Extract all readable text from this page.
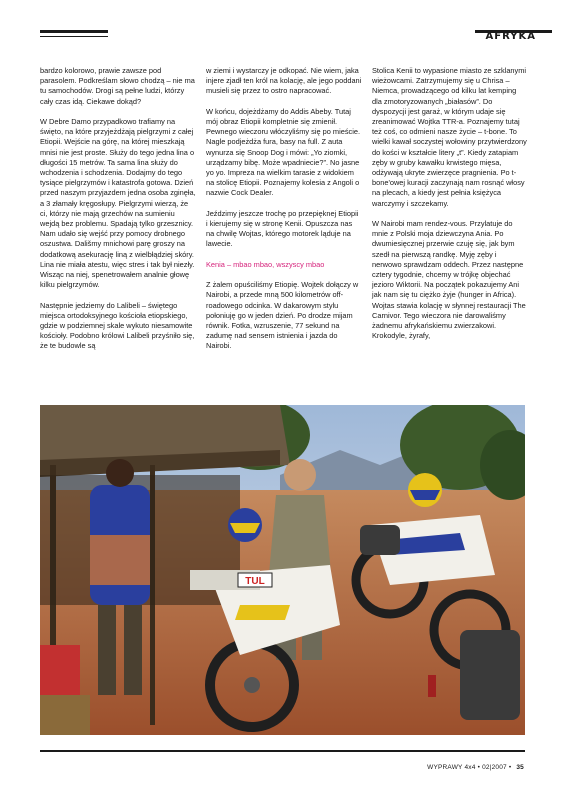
AFRYKA

bardzo kolorowo, prawie zawsze pod parasolem. Podkreślam słowo chodzą – nie ma tu samochodów. Drogi są pełne ludzi, którzy cały czas idą. Ciekawe dokąd?

W Debre Damo przypadkowo trafiamy na święto, na które przyjeżdżają pielgrzymi z całej Etiopii. Wejście na górę, na której mieszkają mnisi nie jest proste. Służy do tego jedna lina o długości 15 metrów. Ta sama lina służy do wchodzenia i schodzenia. Dodajmy do tego tysiące pielgrzymów i katastrofa gotowa. Dzień przed naszym przyjazdem jedna osoba zginęła, a 3 złamały kręgosłupy. Pielgrzymi wierzą, że ci, którzy nie mają grzechów na sumieniu wejdą bez problemu. Spadają tylko grzesznicy. Nam udało się wejść przy pomocy drobnego oszustwa. Dališmy mnichowi parę groszy na dodatkową asekurację liną z wielbłądziej skóry. Lina nie miała atestu, więc stres i tak był niezły. Wisząc na niej, spenetrowałem analnie głowę kilku pielgrzymów.

Następnie jedziemy do Lalibeli – świętego miejsca ortodoksyjnego kościoła etiopskiego, gdzie w podziemnej skale wykuto niesamowite kościoły. Podobno królowi Lalibeli przyśniło się, że te budowle są

w ziemi i wystarczy je odkopać. Nie wiem, jaka injere zjadł ten król na kolację, ale jego poddani musieli się przez to ostro napracować.

W końcu, dojeżdżamy do Addis Abeby. Tutaj mój obraz Etiopii kompletnie się zmienił. Pewnego wieczoru włóczyliśmy się po mieście. Nagle podjeżdża fura, basy na full. Z auta wynurza się Snoop Dog i mówi: „Yo ziomki, urządzamy bibę. Może wpadniecie?”. No jasne yo yo. Impreza na wielkim tarasie z widokiem na stolicę Etiopii. Poznajemy kolesia z Angoli o nazwie Cock Dealer.

Jeździmy jeszcze trochę po przepięknej Etiopii i kierujemy się w stronę Kenii. Opuszcza nas na chwilę Wojtas, którego motorek ląduje na lawecie.

Kenia – mbao mbao, wszyscy mbao

Z żalem opuściliśmy Etiopię. Wojtek dołączy w Nairobi, a przede mną 500 kilometrów off-roadowego odcinka. W dakarowym stylu połoniuję go w jeden dzień. Po drodze mijam równik. Fotka, wzruszenie, 77 sekund na zadumę nad sensem istnienia i jazda do Nairobi.

Stolica Kenii to wypasione miasto ze szklanymi wieżowcami. Zatrzymujemy się u Chrisa – Niemca, prowadzącego od kilku lat kemping dla zmotoryzowanych „białasów”. Do dyspozycji jest garaż, w którym udaje się zreanimować Wojtka TTR-a. Poznajemy tutaj też coś, co odmieni nasze życie – t-bone. To wielki kawał soczystej wołowiny przytwierdzony do kości w kształcie litery „t”. Kiedy zatapiam zęby w gruby kawałku krwistego mięsa, odżywają ukryte zwierzęce pragnienia. Po t-bone'owej kuracji zaczynają nam rosnąć włosy na plecach, a kiedy jest pełnia księżyca warczymy i szczekamy.

W Nairobi mam rendez-vous. Przylatuje do mnie z Polski moja dziewczyna Ania. Po dwumiesięcznej przerwie czuję się, jak bym szedł na pierwszą randkę. Myję zęby i nerwowo sprawdzam oddech. Przez następne cztery tygodnie, chcemy w trójkę objechać jezioro Wiktorii. Na początek pokazujemy Ani jak nam się tu ciężko żyje (hunger in Africa). Wojtas stawia kolację w słynnej restauracji The Carnivor. Tego wieczora nie darowaliśmy żadnemu afrykańskiemu zwierzakowi. Krokodyle, żyrafy,

TUL
WYPRAWY 4x4 • 02|2007 • 35
